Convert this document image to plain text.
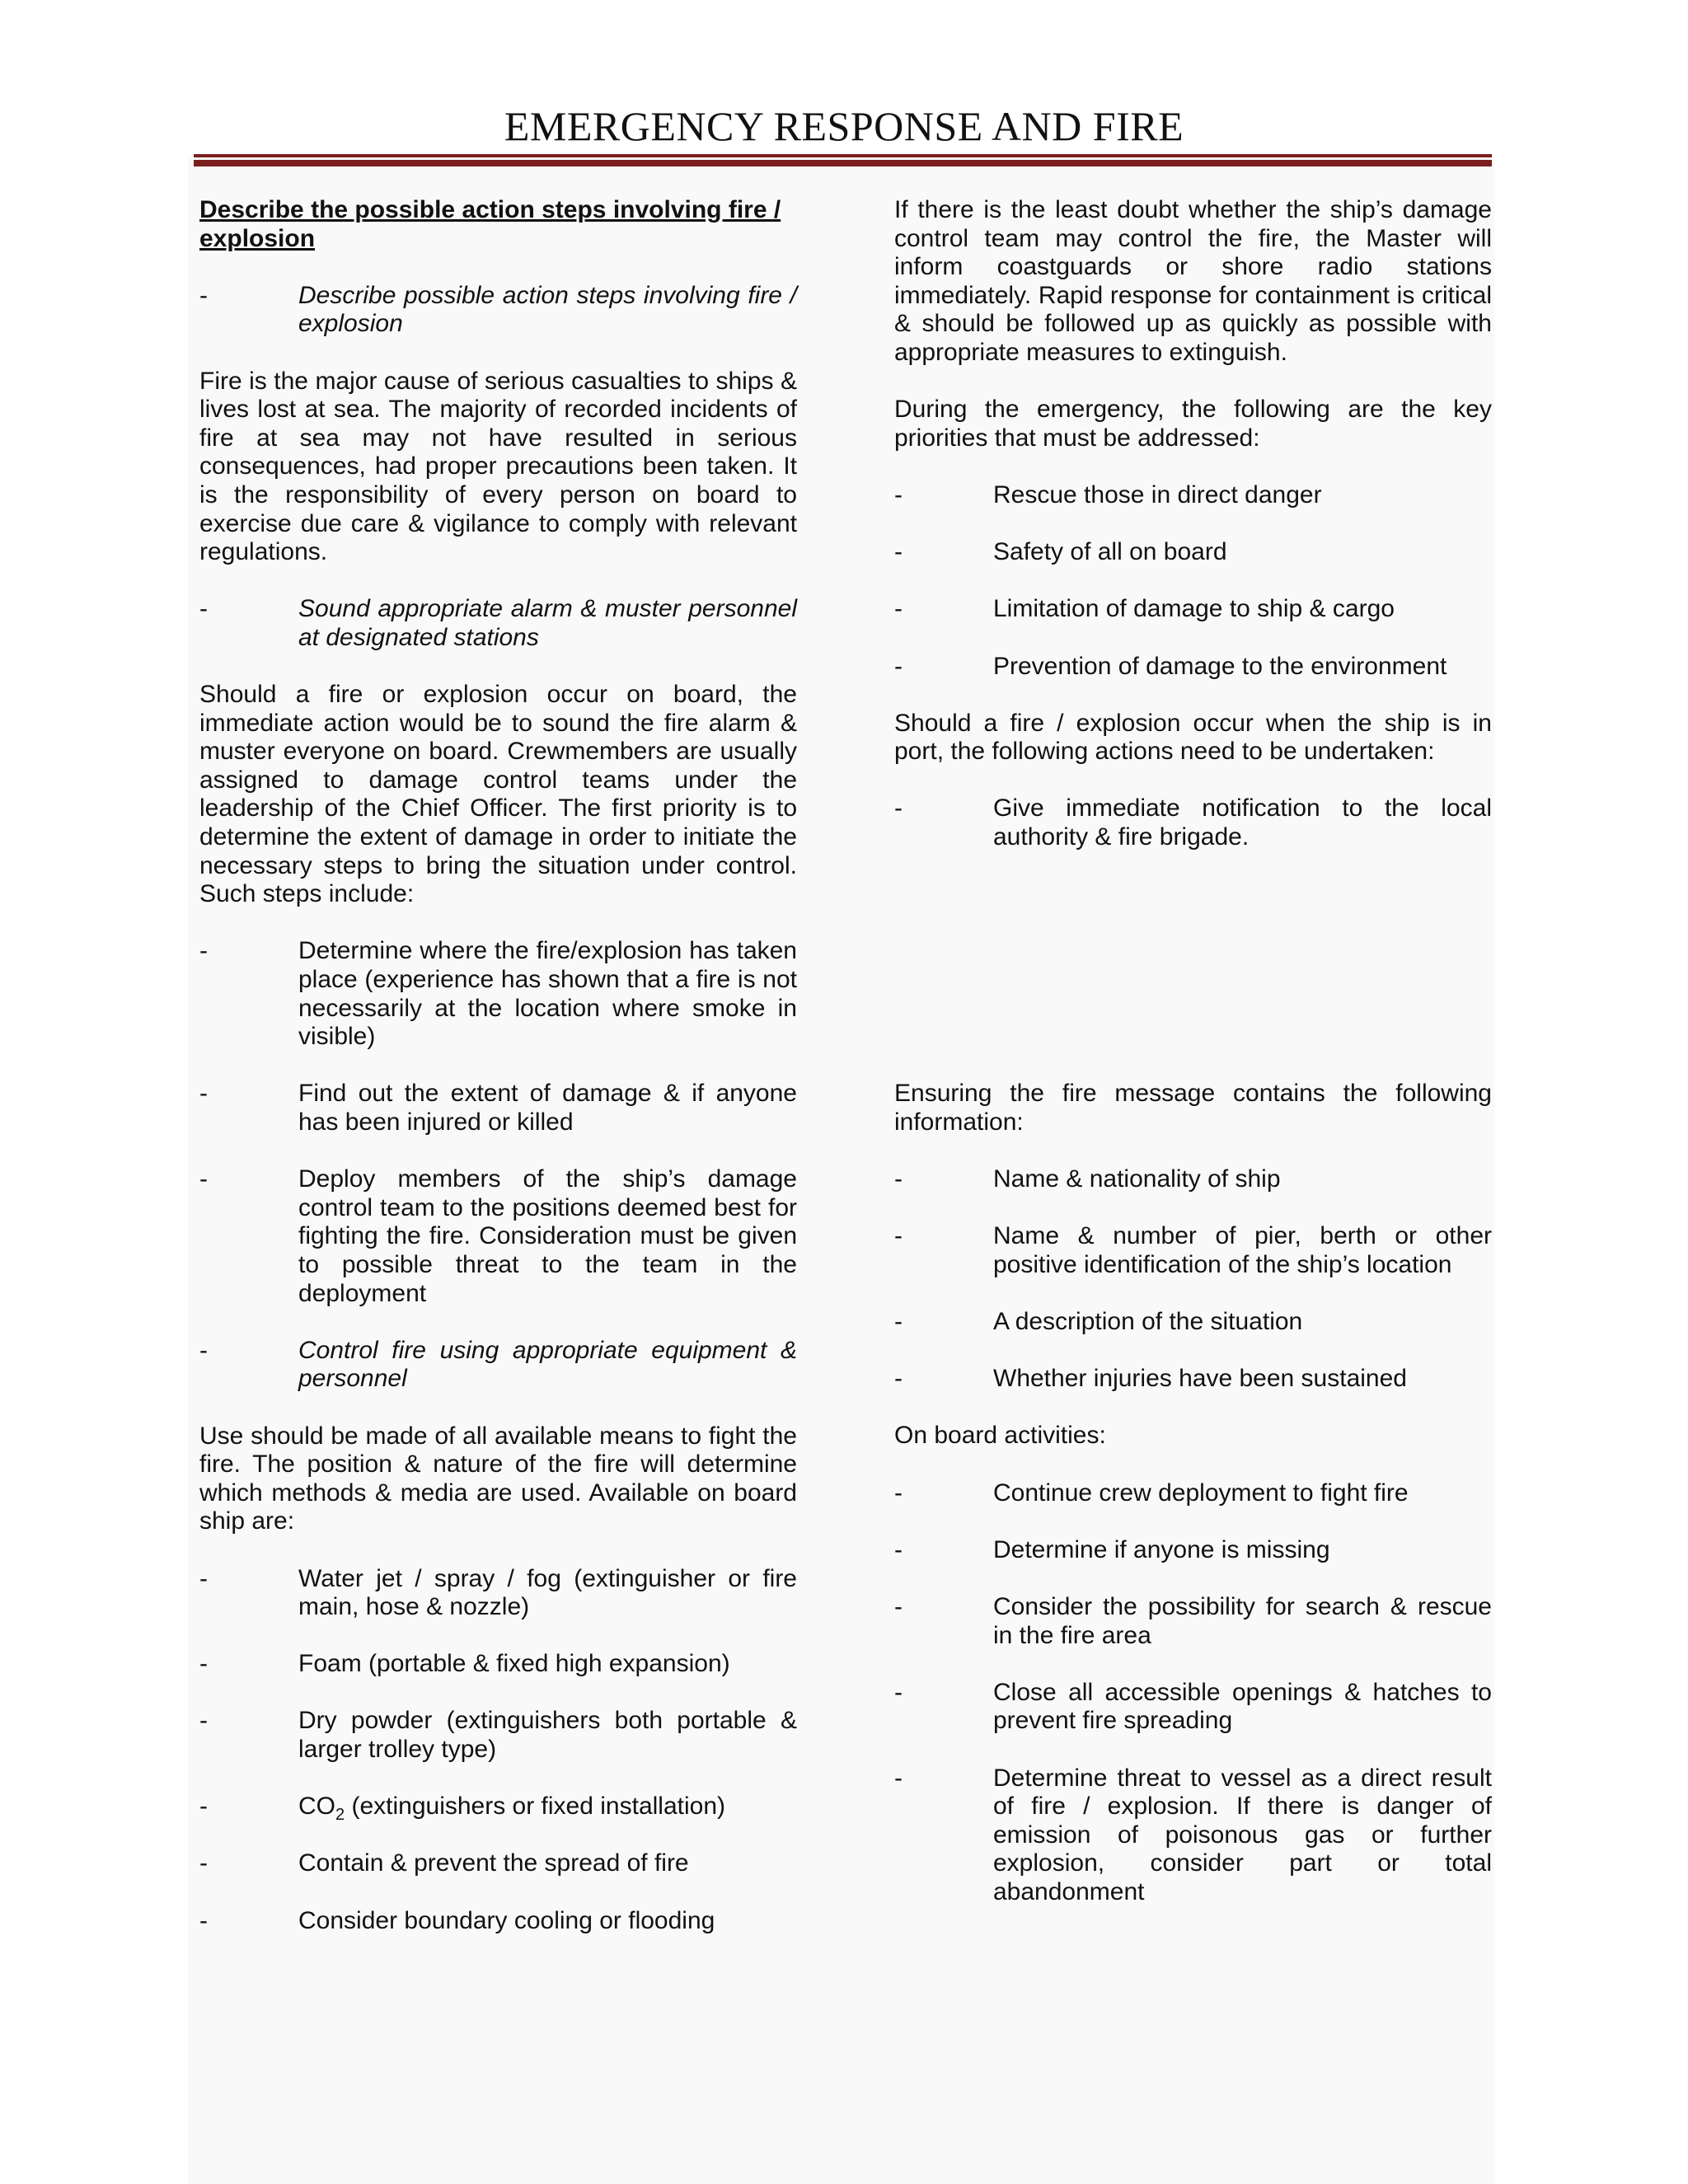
EMERGENCY RESPONSE AND FIRE

Describe the possible action steps involving fire / explosion

-	Describe possible action steps involving fire / explosion

Fire is the major cause of serious casualties to ships & lives lost at sea. The majority of recorded incidents of fire at sea may not have resulted in serious consequences, had proper precautions been taken. It is the responsibility of every person on board to exercise due care & vigilance to comply with relevant regulations.

-	Sound appropriate alarm & muster personnel at designated stations

Should a fire or explosion occur on board, the immediate action would be to sound the fire alarm & muster everyone on board. Crewmembers are usually assigned to damage control teams under the leadership of the Chief Officer. The first priority is to determine the extent of damage in order to initiate the necessary steps to bring the situation under control. Such steps include:

-	Determine where the fire/explosion has taken place (experience has shown that a fire is not necessarily at the location where smoke in visible)
-	Find out the extent of damage & if anyone has been injured or killed
-	Deploy members of the ship’s damage control team to the positions deemed best for fighting the fire. Consideration must be given to possible threat to the team in the deployment
-	Control fire using appropriate equipment & personnel

Use should be made of all available means to fight the fire. The position & nature of the fire will determine which methods & media are used. Available on board ship are:

-	Water jet / spray / fog (extinguisher or fire main, hose & nozzle)
-	Foam (portable & fixed high expansion)
-	Dry powder (extinguishers both portable & larger trolley type)
-	$CO_2$ (extinguishers or fixed installation)
-	Contain & prevent the spread of fire
-	Consider boundary cooling or flooding

If there is the least doubt whether the ship’s damage control team may control the fire, the Master will inform coastguards or shore radio stations immediately. Rapid response for containment is critical & should be followed up as quickly as possible with appropriate measures to extinguish.

During the emergency, the following are the key priorities that must be addressed:

-	Rescue those in direct danger
-	Safety of all on board
-	Limitation of damage to ship & cargo
-	Prevention of damage to the environment

Should a fire / explosion occur when the ship is in port, the following actions need to be undertaken:

-	Give immediate notification to the local authority & fire brigade.

Ensuring the fire message contains the following information:

-	Name & nationality of ship
-	Name & number of pier, berth or other positive identification of the ship’s location
-	A description of the situation
-	Whether injuries have been sustained

On board activities:

-	Continue crew deployment to fight fire
-	Determine if anyone is missing
-	Consider the possibility for search & rescue in the fire area
-	Close all accessible openings & hatches to prevent fire spreading
-	Determine threat to vessel as a direct result of fire / explosion. If there is danger of emission of poisonous gas or further explosion, consider part or total abandonment
